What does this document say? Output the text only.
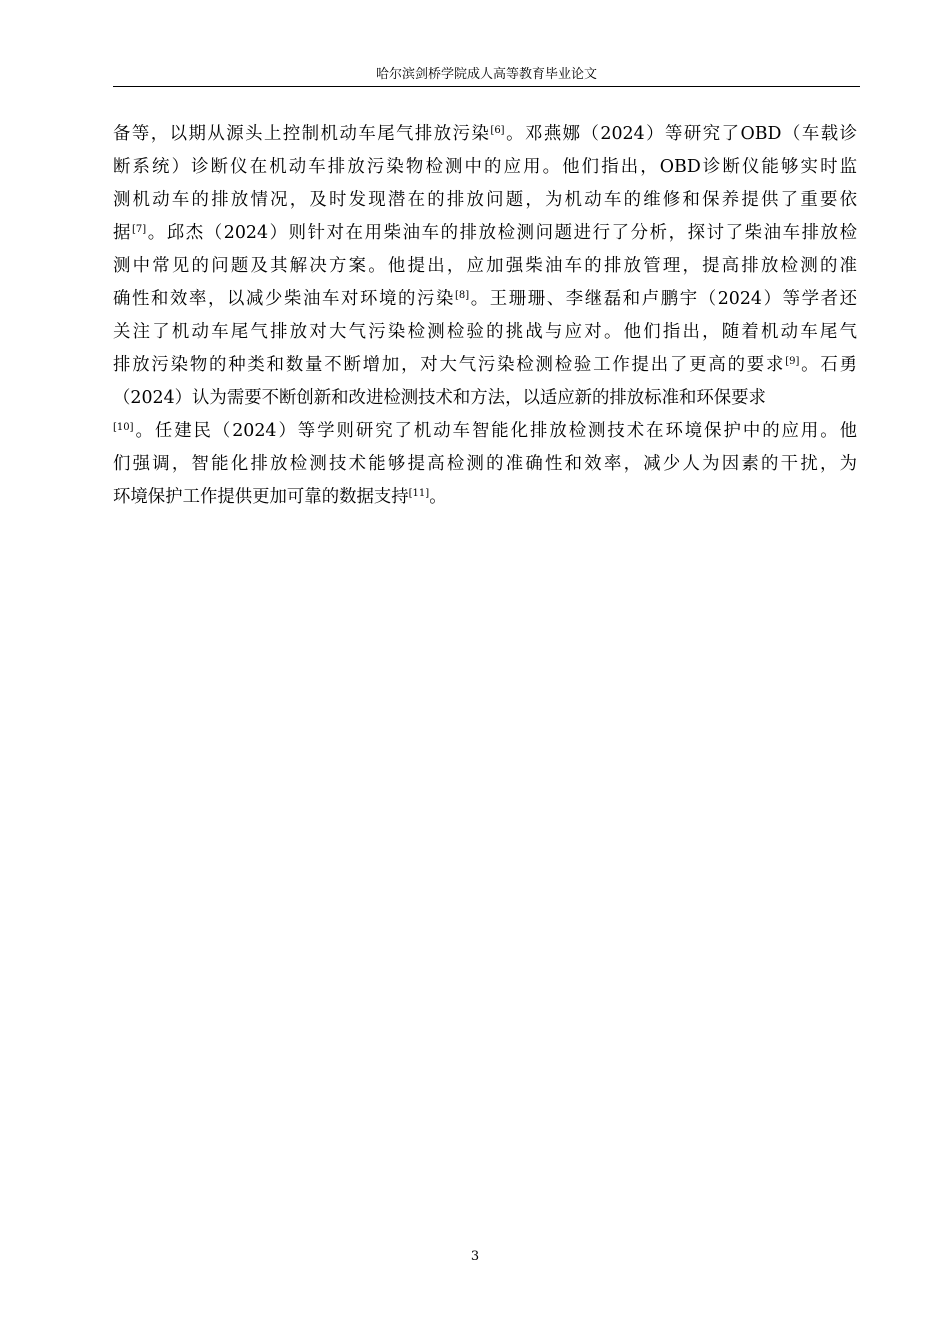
哈尔滨剑桥学院成人高等教育毕业论文
备等，以期从源头上控制机动车尾气排放污染[6]。邓燕娜（2024）等研究了OBD（车载诊
断系统）诊断仪在机动车排放污染物检测中的应用。他们指出，OBD诊断仪能够实时监
测机动车的排放情况，及时发现潜在的排放问题，为机动车的维修和保养提供了重要依
据[7]。邱杰（2024）则针对在用柴油车的排放检测问题进行了分析，探讨了柴油车排放检
测中常见的问题及其解决方案。他提出，应加强柴油车的排放管理，提高排放检测的准
确性和效率，以减少柴油车对环境的污染[8]。王珊珊、李继磊和卢鹏宇（2024）等学者还
关注了机动车尾气排放对大气污染检测检验的挑战与应对。他们指出，随着机动车尾气
排放污染物的种类和数量不断增加，对大气污染检测检验工作提出了更高的要求[9]。石勇
（2024）认为需要不断创新和改进检测技术和方法，以适应新的排放标准和环保要求
[10]。任建民（2024）等学则研究了机动车智能化排放检测技术在环境保护中的应用。他
们强调，智能化排放检测技术能够提高检测的准确性和效率，减少人为因素的干扰，为
环境保护工作提供更加可靠的数据支持[11]。
3
